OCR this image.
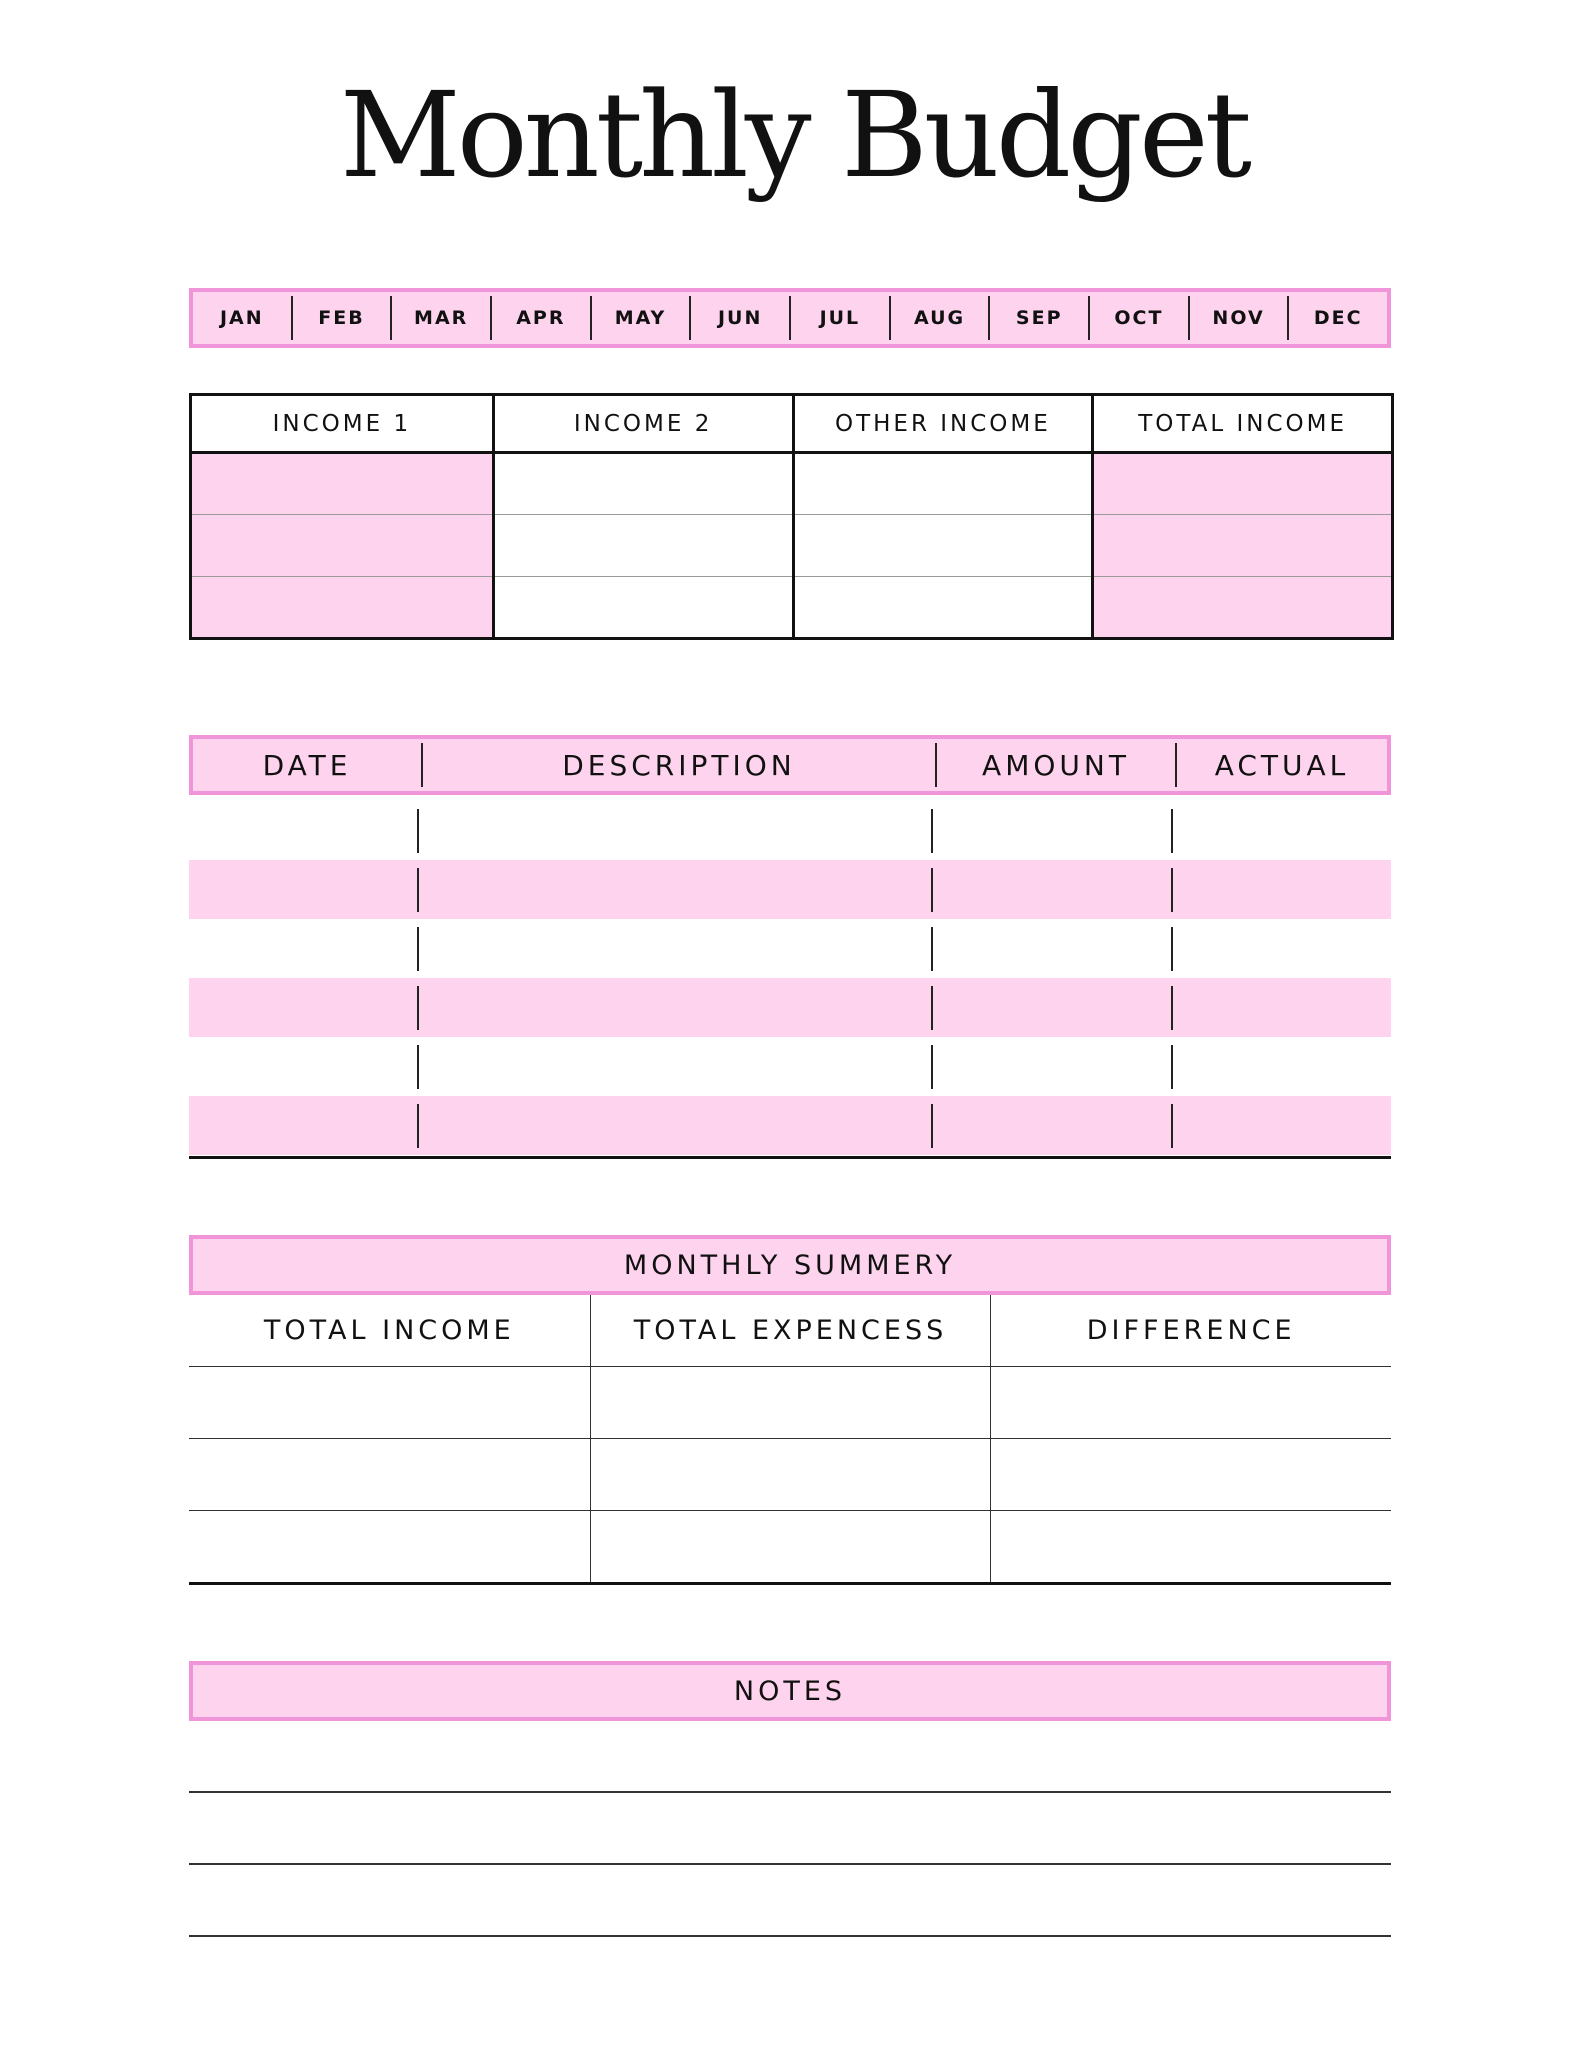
Monthly Budget
JAN	FEB	MAR	APR	MAY	JUN	JUL	AUG	SEP	OCT	NOV	DEC
INCOME 1	INCOME 2	OTHER INCOME	TOTAL INCOME
DATE	DESCRIPTION	AMOUNT	ACTUAL
MONTHLY SUMMERY
TOTAL INCOME	TOTAL EXPENCESS	DIFFERENCE
NOTES
